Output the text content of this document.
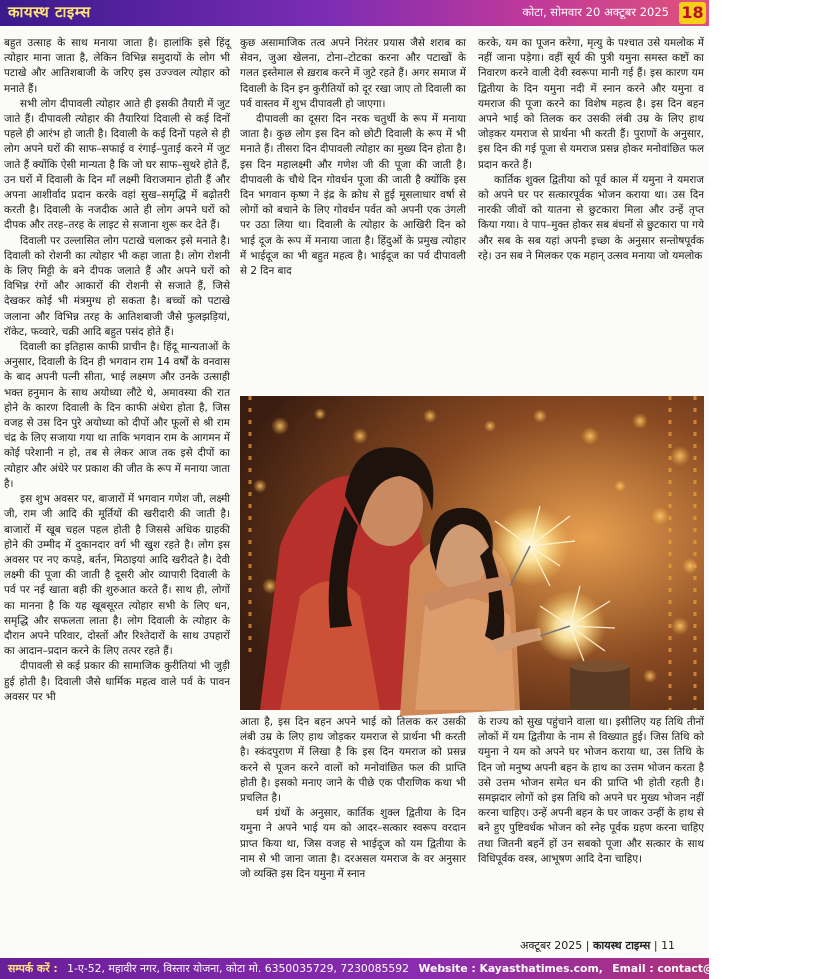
कायस्थ टाइम्स	कोटा, सोमवार 20 अक्टूबर 2025 18

बहुत उत्साह के साथ मनाया जाता है। हालांकि इसे हिंदू त्योहार माना जाता है, लेकिन विभिन्न समुदायों के लोग भी पटाखे और आतिशबाजी के जरिए इस उज्ज्वल त्योहार को मनाते हैं।

सभी लोग दीपावली त्योहार आते ही इसकी तैयारी में जुट जाते हैं। दीपावली त्योहार की तैयारियां दिवाली से कई दिनों पहले ही आरंभ हो जाती है। दिवाली के कई दिनों पहले से ही लोग अपने घरों की साफ–सफाई व रंगाई–पुताई करने में जुट जाते हैं क्योंकि ऐसी मान्यता है कि जो घर साफ–सुथरे होते हैं, उन घरों में दिवाली के दिन माँ लक्ष्मी विराजमान होती हैं और अपना आशीर्वाद प्रदान करके वहां सुख–समृद्धि में बढ़ोतरी करती है। दिवाली के नजदीक आते ही लोग अपने घरों को दीपक और तरह–तरह के लाइट से सजाना शुरू कर देते हैं।

दिवाली पर उल्लासित लोग पटाखे चलाकर इसे मनाते है। दिवाली को रोशनी का त्योहार भी कहा जाता है। लोग रोशनी के लिए मिट्टी के बने दीपक जलाते हैं और अपने घरों को विभिन्न रंगों और आकारों की रोशनी से सजाते हैं, जिसे देखकर कोई भी मंत्रमुग्ध हो सकता है। बच्चों को पटाखे जलाना और विभिन्न तरह के आतिशबाजी जैसे फुलझड़ियां, रॉकेट, फव्वारे, चक्री आदि बहुत पसंद होते हैं।

दिवाली का इतिहास काफी प्राचीन है। हिंदू मान्यताओं के अनुसार, दिवाली के दिन ही भगवान राम 14 वर्षों के वनवास के बाद अपनी पत्नी सीता, भाई लक्ष्मण और उनके उत्साही भक्त हनुमान के साथ अयोध्या लौटे थे, अमावस्या की रात होने के कारण दिवाली के दिन काफी अंधेरा होता है, जिस वजह से उस दिन पुरे अयोध्या को दीपों और फूलों से श्री राम चंद्र के लिए सजाया गया था ताकि भगवान राम के आगमन में कोई परेशानी न हो, तब से लेकर आज तक इसे दीपों का त्योहार और अंधेरे पर प्रकाश की जीत के रूप में मनाया जाता है।

इस शुभ अवसर पर, बाजारों में भगवान गणेश जी, लक्ष्मी जी, राम जी आदि की मूर्तियों की खरीदारी की जाती है। बाजारों में खूब चहल पहल होती है जिससे अधिक ग्राहकी होने की उम्मीद में दुकानदार वर्ग भी खुश रहते है। लोग इस अवसर पर नए कपड़े, बर्तन, मिठाइयां आदि खरीदते है। देवी लक्ष्मी की पूजा की जाती है दूसरी ओर व्यापारी दिवाली के पर्व पर नई खाता बही की शुरुआत करते हैं। साथ ही, लोगों का मानना है कि यह खूबसूरत त्योहार सभी के लिए धन, समृद्धि और सफलता लाता है। लोग दिवाली के त्योहार के दौरान अपने परिवार, दोस्तों और रिश्तेदारों के साथ उपहारों का आदान–प्रदान करने के लिए तत्पर रहते हैं।

दीपावली से कई प्रकार की सामाजिक कुरीतियां भी जुड़ी हुई होती है। दिवाली जैसे धार्मिक महत्व वाले पर्व के पावन अवसर पर भी

कुछ असामाजिक तत्व अपने निरंतर प्रयास जैसे शराब का सेवन, जुआ खेलना, टोना–टोटका करना और पटाखों के गलत इस्तेमाल से ख़राब करने में जुटे रहते हैं। अगर समाज में दिवाली के दिन इन कुरीतियों को दूर रखा जाए तो दिवाली का पर्व वास्तव में शुभ दीपावली हो जाएगा।

दीपावली का दूसरा दिन नरक चतुर्थी के रूप में मनाया जाता है। कुछ लोग इस दिन को छोटी दिवाली के रूप में भी मनाते हैं। तीसरा दिन दीपावली त्योहार का मुख्य दिन होता है। इस दिन महालक्ष्मी और गणेश जी की पूजा की जाती है। दीपावली के चौथे दिन गोवर्धन पूजा की जाती है क्योंकि इस दिन भगवान कृष्ण ने इंद्र के क्रोध से हुई मूसलाधार वर्षा से लोगों को बचाने के लिए गोवर्धन पर्वत को अपनी एक उंगली पर उठा लिया था। दिवाली के त्योहार के आखिरी दिन को भाई दूज के रूप में मनाया जाता है। हिंदुओं के प्रमुख त्योहार में भाईदूज का भी बहुत महत्व है। भाईदूज का पर्व दीपावली से 2 दिन बाद

करके, यम का पूजन करेगा, मृत्यु के पश्चात उसे यमलोक में नहीं जाना पड़ेगा। वहीं सूर्य की पुत्री यमुना समस्त कष्टों का निवारण करने वाली देवी स्वरूपा मानी गई हैं। इस कारण यम द्वितीया के दिन यमुना नदी में स्नान करने और यमुना व यमराज की पूजा करने का विशेष महत्व है। इस दिन बहन अपने भाई को तिलक कर उसकी लंबी उम्र के लिए हाथ जोड़कर यमराज से प्रार्थना भी करती हैं। पुराणों के अनुसार, इस दिन की गई पूजा से यमराज प्रसन्न होकर मनोवांछित फल प्रदान करते हैं।

कार्तिक शुक्ल द्वितीया को पूर्व काल में यमुना ने यमराज को अपने घर पर सत्कारपूर्वक भोजन कराया था। उस दिन नारकी जीवों को यातना से छुटकारा मिला और उन्हें तृप्त किया गया। वे पाप–मुक्त होकर सब बंधनों से छुटकारा पा गये और सब के सब यहां अपनी इच्छा के अनुसार सन्तोषपूर्वक रहे। उन सब ने मिलकर एक महान् उत्सव मनाया जो यमलोक

आता है, इस दिन बहन अपने भाई को तिलक कर उसकी लंबी उम्र के लिए हाथ जोड़कर यमराज से प्रार्थना भी करती है। स्कंदपुराण में लिखा है कि इस दिन यमराज को प्रसन्न करने से पूजन करने वालों को मनोवांछित फल की प्राप्ति होती है। इसको मनाए जाने के पीछे एक पौराणिक कथा भी प्रचलित है।

धर्म ग्रंथों के अनुसार, कार्तिक शुक्ल द्वितीया के दिन यमुना ने अपने भाई यम को आदर–सत्कार स्वरूप वरदान प्राप्त किया था, जिस वजह से भाईदूज को यम द्वितीया के नाम से भी जाना जाता है। दरअसल यमराज के वर अनुसार जो व्यक्ति इस दिन यमुना में स्नान

के राज्य को सुख पहुंचाने वाला था। इसीलिए यह तिथि तीनों लोकों में यम द्वितीया के नाम से विख्यात हुई। जिस तिथि को यमुना ने यम को अपने घर भोजन कराया था, उस तिथि के दिन जो मनुष्य अपनी बहन के हाथ का उत्तम भोजन करता है उसे उत्तम भोजन समेत धन की प्राप्ति भी होती रहती है। समझदार लोगों को इस तिथि को अपने घर मुख्य भोजन नहीं करना चाहिए। उन्हें अपनी बहन के घर जाकर उन्हीं के हाथ से बने हुए पुष्टिवर्धक भोजन को स्नेह पूर्वक ग्रहण करना चाहिए तथा जितनी बहनें हों उन सबको पूजा और सत्कार के साथ विधिपूर्वक वस्त्र, आभूषण आदि देना चाहिए।

अक्टूबर 2025 | कायस्थ टाइम्स | 11
सम्पर्क करें : 1-ए-52, महावीर नगर, विस्तार योजना, कोटा मो. 6350035729, 7230085592 Website : Kayasthatimes.com, Email : contact@kayasthatimes.com
